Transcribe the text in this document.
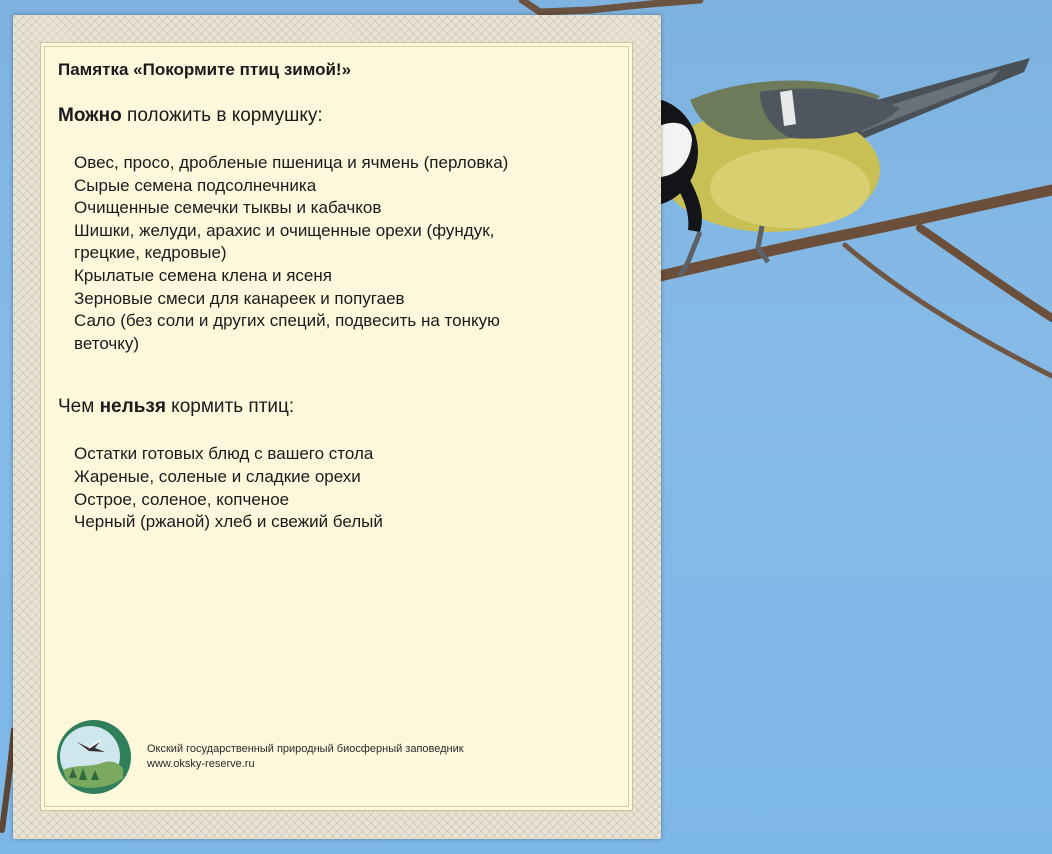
Памятка «Покормите птиц зимой!»

Можно положить в кормушку:

Овес, просо, дробленые пшеница и ячмень (перловка)
Сырые семена подсолнечника
Очищенные семечки тыквы и кабачков
Шишки, желуди, арахис и очищенные орехи (фундук,
грецкие, кедровые)
Крылатые семена клена и ясеня
Зерновые смеси для канареек и попугаев
Сало (без соли и других специй, подвесить на тонкую
веточку)

Чем нельзя кормить птиц:

Остатки готовых блюд с вашего стола
Жареные, соленые и сладкие орехи
Острое, соленое, копченое
Черный (ржаной) хлеб и свежий белый
Окский государственный природный биосферный заповедник
www.oksky-reserve.ru
